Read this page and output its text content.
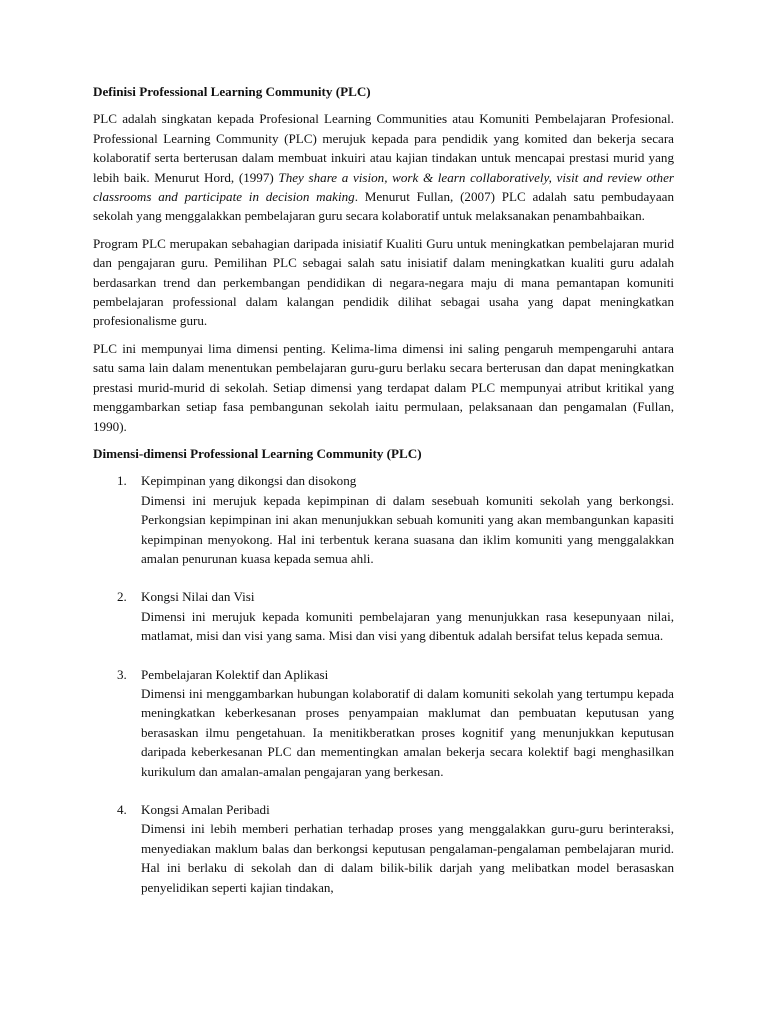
Definisi Professional Learning Community (PLC)

PLC adalah singkatan kepada Profesional Learning Communities atau Komuniti Pembelajaran Profesional. Professional Learning Community (PLC) merujuk kepada para pendidik yang komited dan bekerja secara kolaboratif serta berterusan dalam membuat inkuiri atau kajian tindakan untuk mencapai prestasi murid yang lebih baik. Menurut Hord, (1997) They share a vision, work & learn collaboratively, visit and review other classrooms and participate in decision making. Menurut Fullan, (2007) PLC adalah satu pembudayaan sekolah yang menggalakkan pembelajaran guru secara kolaboratif untuk melaksanakan penambahbaikan.

Program PLC merupakan sebahagian daripada inisiatif Kualiti Guru untuk meningkatkan pembelajaran murid dan pengajaran guru. Pemilihan PLC sebagai salah satu inisiatif dalam meningkatkan kualiti guru adalah berdasarkan trend dan perkembangan pendidikan di negara-negara maju di mana pemantapan komuniti pembelajaran professional dalam kalangan pendidik dilihat sebagai usaha yang dapat meningkatkan profesionalisme guru.

PLC ini mempunyai lima dimensi penting. Kelima-lima dimensi ini saling pengaruh mempengaruhi antara satu sama lain dalam menentukan pembelajaran guru-guru berlaku secara berterusan dan dapat meningkatkan prestasi murid-murid di sekolah. Setiap dimensi yang terdapat dalam PLC mempunyai atribut kritikal yang menggambarkan setiap fasa pembangunan sekolah iaitu permulaan, pelaksanaan dan pengamalan (Fullan, 1990).

Dimensi-dimensi Professional Learning Community (PLC)
1. Kepimpinan yang dikongsi dan disokong
Dimensi ini merujuk kepada kepimpinan di dalam sesebuah komuniti sekolah yang berkongsi. Perkongsian kepimpinan ini akan menunjukkan sebuah komuniti yang akan membangunkan kapasiti kepimpinan menyokong. Hal ini terbentuk kerana suasana dan iklim komuniti yang menggalakkan amalan penurunan kuasa kepada semua ahli.
2. Kongsi Nilai dan Visi
Dimensi ini merujuk kepada komuniti pembelajaran yang menunjukkan rasa kesepunyaan nilai, matlamat, misi dan visi yang sama. Misi dan visi yang dibentuk adalah bersifat telus kepada semua.
3. Pembelajaran Kolektif dan Aplikasi
Dimensi ini menggambarkan hubungan kolaboratif di dalam komuniti sekolah yang tertumpu kepada meningkatkan keberkesanan proses penyampaian maklumat dan pembuatan keputusan yang berasaskan ilmu pengetahuan. Ia menitikberatkan proses kognitif yang menunjukkan keputusan daripada keberkesanan PLC dan mementingkan amalan bekerja secara kolektif bagi menghasilkan kurikulum dan amalan-amalan pengajaran yang berkesan.
4. Kongsi Amalan Peribadi
Dimensi ini lebih memberi perhatian terhadap proses yang menggalakkan guru-guru berinteraksi, menyediakan maklum balas dan berkongsi keputusan pengalaman-pengalaman pembelajaran murid. Hal ini berlaku di sekolah dan di dalam bilik-bilik darjah yang melibatkan model berasaskan penyelidikan seperti kajian tindakan,
